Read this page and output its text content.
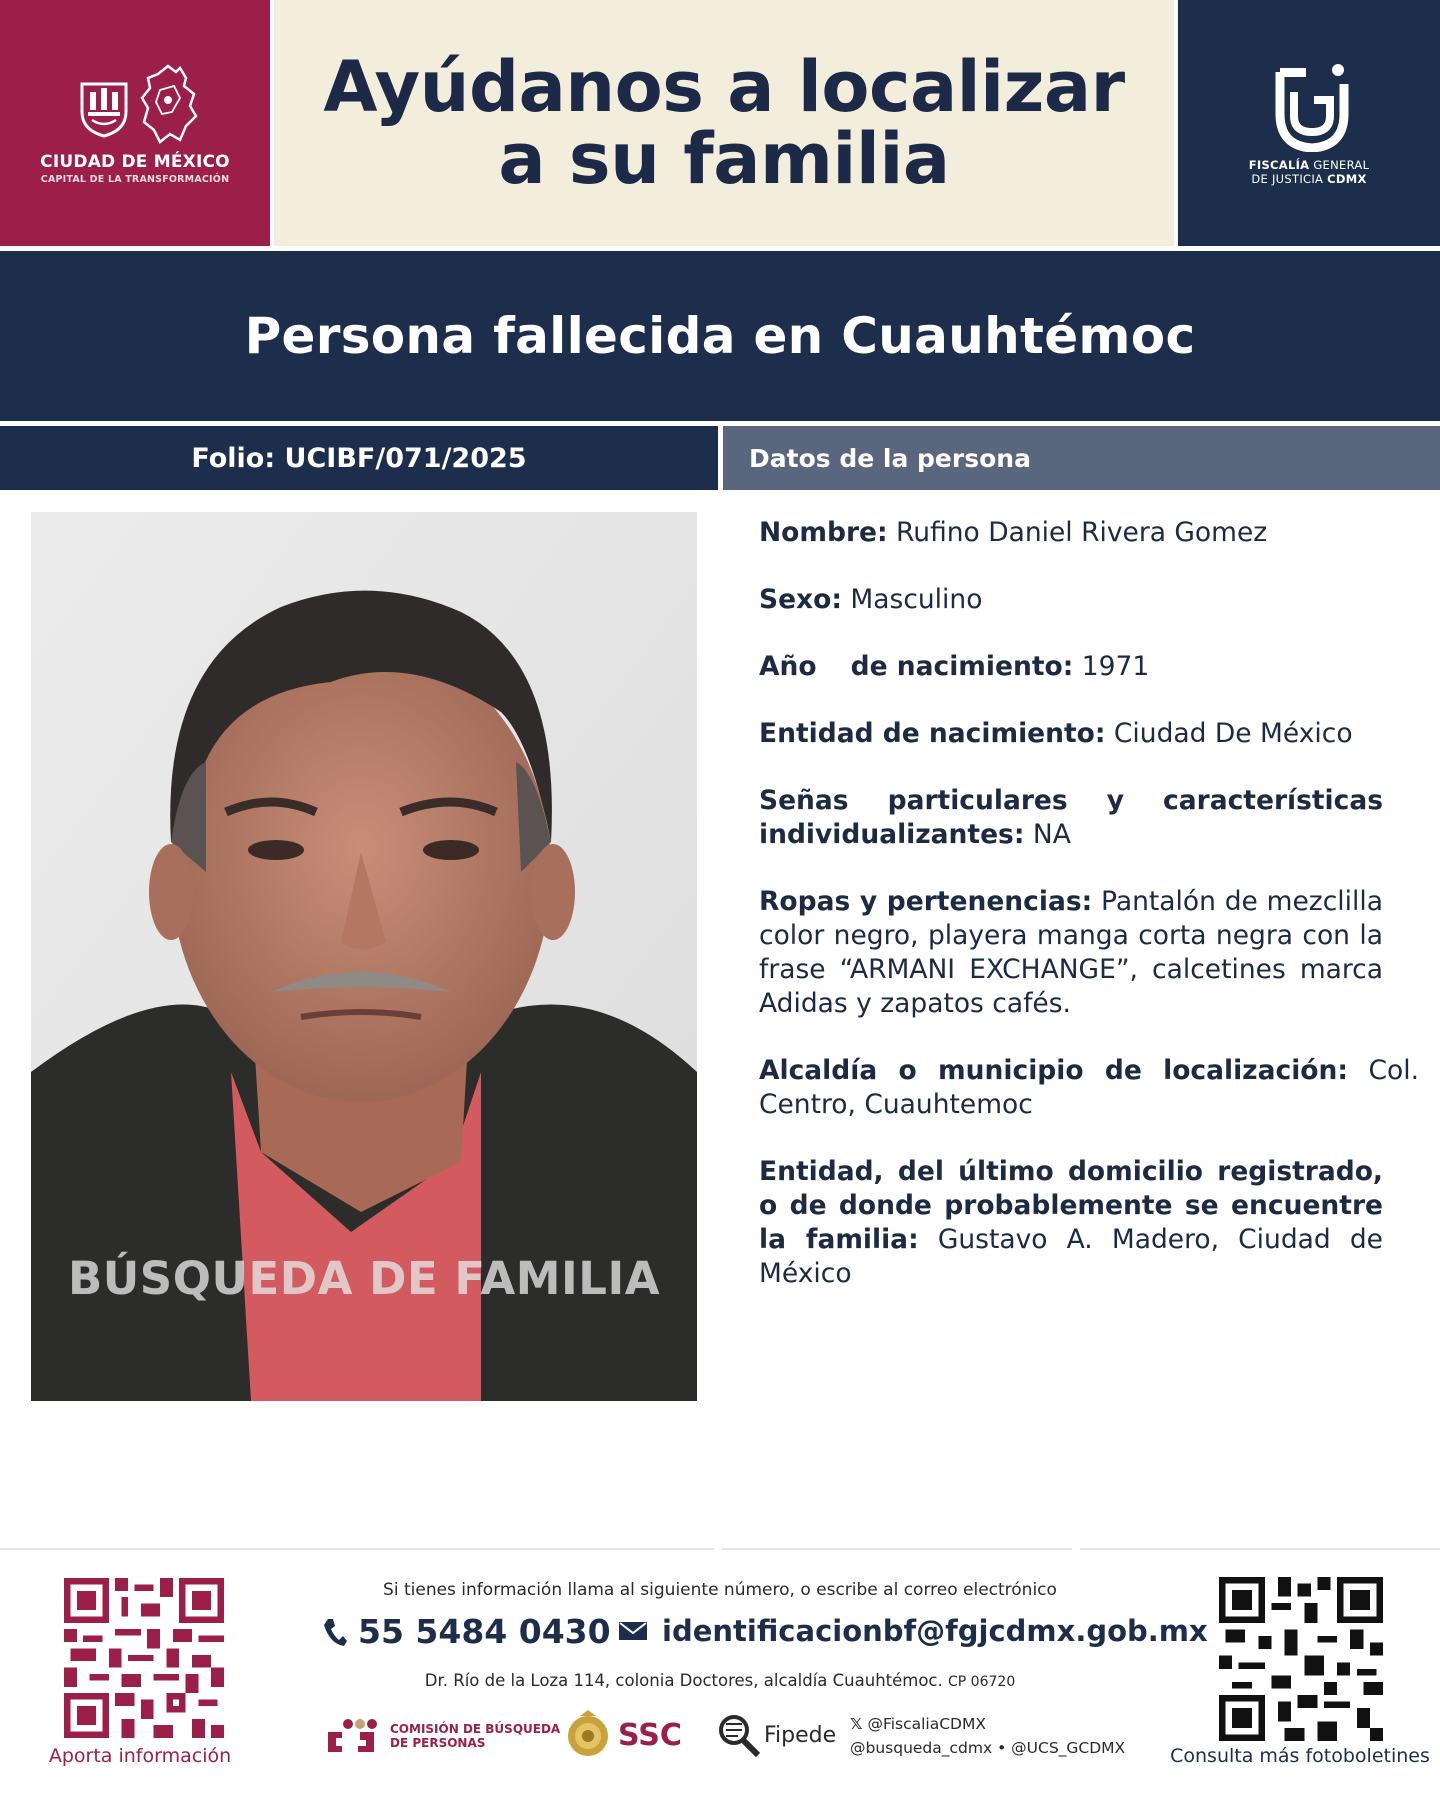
CIUDAD DE MÉXICO
CAPITAL DE LA TRANSFORMACIÓN
Ayúdanos a localizar
a su familia	FISCALÍA GENERAL
DE JUSTICIA CDMX
Persona fallecida en Cuauhtémoc
Folio: UCIBF/071/2025	Datos de la persona
BÚSQUEDA DE FAMILIA
Nombre: Rufino Daniel Rivera Gomez
Sexo: Masculino
Año de nacimiento: 1971
Entidad de nacimiento: Ciudad De México
Señas particulares y características individualizantes: NA
Ropas y pertenencias: Pantalón de mezclilla color negro, playera manga corta negra con la frase “ARMANI EXCHANGE”, calcetines marca Adidas y zapatos cafés.
Alcaldía o municipio de localización: Col. Centro, Cuauhtemoc
Entidad, del último domicilio registrado, o de donde probablemente se encuentre la familia: Gustavo A. Madero, Ciudad de México
Aporta información
Si tienes información llama al siguiente número, o escribe al correo electrónico
55 5484 0430 identificacionbf@fgjcdmx.gob.mx
Dr. Río de la Loza 114, colonia Doctores, alcaldía Cuauhtémoc. CP 06720
COMISIÓN DE BÚSQUEDA
DE PERSONAS	SSC	Fipede 𝕏 @FiscaliaCDMX
@busqueda_cdmx • @UCS_GCDMX	Consulta más fotoboletines
